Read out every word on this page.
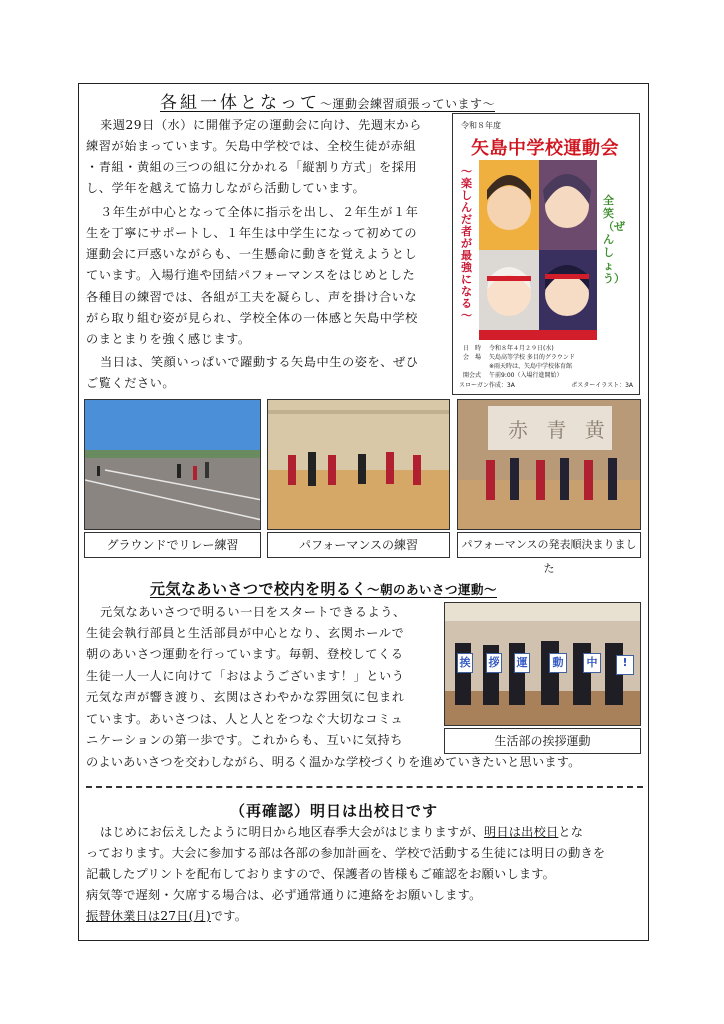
各組一体となって～運動会練習頑張っています～
来週29日（水）に開催予定の運動会に向け、先週末から
練習が始まっています。矢島中学校では、全校生徒が赤組
・青組・黄組の三つの組に分かれる「縦割り方式」を採用
し、学年を越えて協力しながら活動しています。
３年生が中心となって全体に指示を出し、２年生が１年
生を丁寧にサポートし、１年生は中学生になって初めての
運動会に戸惑いながらも、一生懸命に動きを覚えようとし
ています。入場行進や団結パフォーマンスをはじめとした
各種目の練習では、各組が工夫を凝らし、声を掛け合いな
がら取り組む姿が見られ、学校全体の一体感と矢島中学校
のまとまりを強く感じます。
当日は、笑顔いっぱいで躍動する矢島中生の姿を、ぜひ
ご覧ください。
令和８年度
矢島中学校運動会
～楽しんだ者が最強になる～
全笑（ぜんしょう）
日　時 令和８年４月２９日(水)
会　場 矢島高等学校 多目的グラウンド
※雨天時は、矢島中学校体育館
開会式 午前9:00（入場行進開始）
スローガン作成：3A	ポスターイラスト：3A
グラウンドでリレー練習	パフォーマンスの練習
赤 青 黄
パフォーマンスの発表順決まりました
元気なあいさつで校内を明るく～朝のあいさつ運動～
元気なあいさつで明るい一日をスタートできるよう、
生徒会執行部員と生活部員が中心となり、玄関ホールで
朝のあいさつ運動を行っています。毎朝、登校してくる
生徒一人一人に向けて「おはようございます！」という
元気な声が響き渡り、玄関はさわやかな雰囲気に包まれ
ています。あいさつは、人と人とをつなぐ大切なコミュ
ニケーションの第一歩です。これからも、互いに気持ち
のよいあいさつを交わしながら、明るく温かな学校づくりを進めていきたいと思います。
挨 拶 運 動 中 !
生活部の挨拶運動
（再確認）明日は出校日です
はじめにお伝えしたように明日から地区春季大会がはじまりますが、明日は出校日とな
っております。大会に参加する部は各部の参加計画を、学校で活動する生徒には明日の動きを
記載したプリントを配布しておりますので、保護者の皆様もご確認をお願いします。
病気等で遅刻・欠席する場合は、必ず通常通りに連絡をお願いします。
振替休業日は27日(月)です。
